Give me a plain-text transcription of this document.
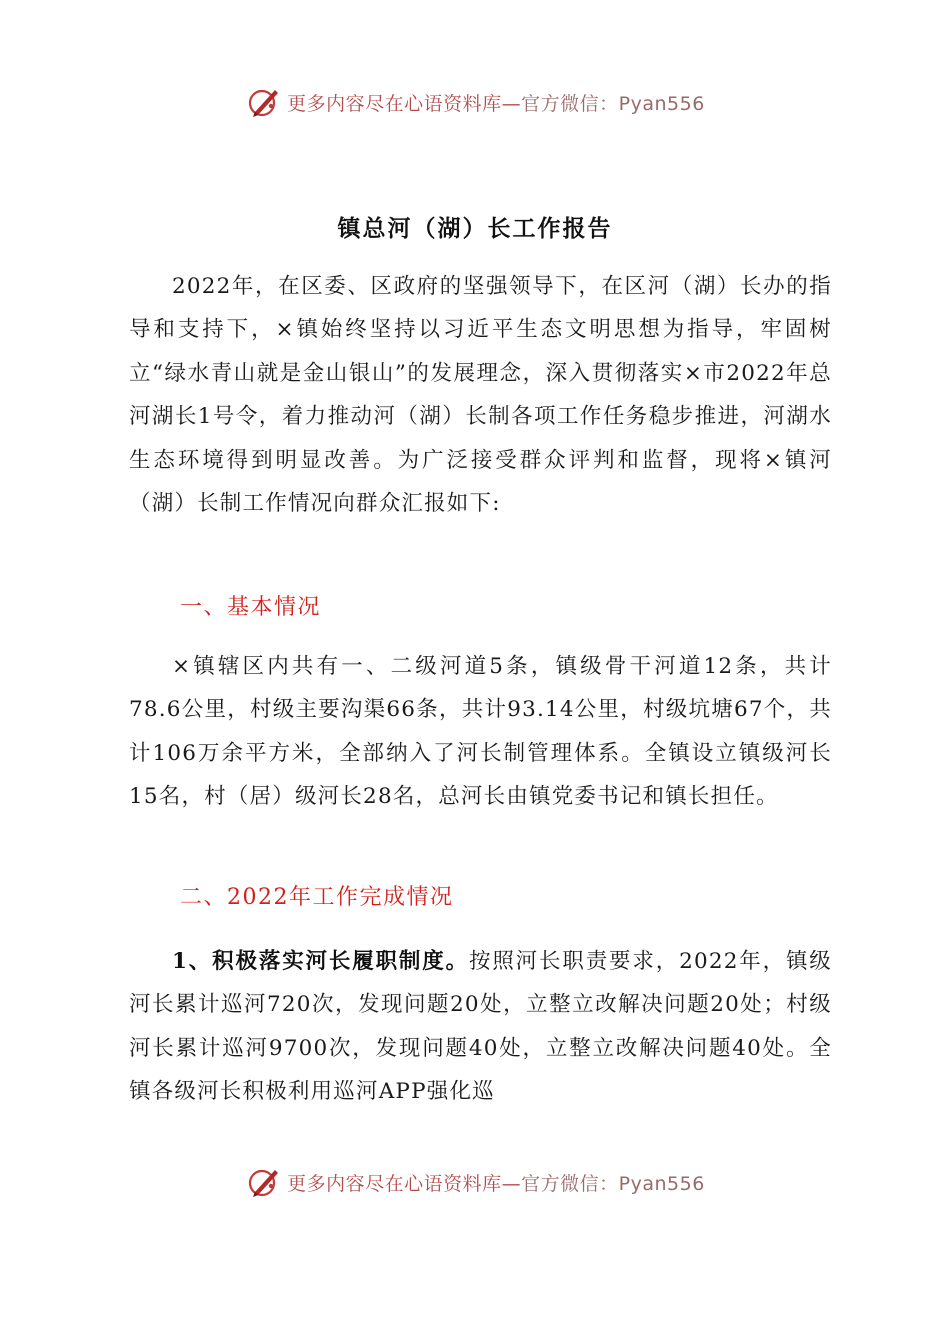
更多内容尽在心语资料库—官方微信：Pyan556
镇总河（湖）长工作报告

2022年，在区委、区政府的坚强领导下，在区河（湖）长办的指导和支持下，×镇始终坚持以习近平生态文明思想为指导，牢固树立“绿水青山就是金山银山”的发展理念，深入贯彻落实×市2022年总河湖长1号令，着力推动河（湖）长制各项工作任务稳步推进，河湖水生态环境得到明显改善。为广泛接受群众评判和监督，现将×镇河（湖）长制工作情况向群众汇报如下:

一、基本情况

×镇辖区内共有一、二级河道5条，镇级骨干河道12条，共计78.6公里，村级主要沟渠66条，共计93.14公里，村级坑塘67个，共计106万余平方米，全部纳入了河长制管理体系。全镇设立镇级河长15名，村（居）级河长28名，总河长由镇党委书记和镇长担任。

二、2022年工作完成情况

1、积极落实河长履职制度。按照河长职责要求，2022年，镇级河长累计巡河720次，发现问题20处，立整立改解决问题20处；村级河长累计巡河9700次，发现问题40处，立整立改解决问题40处。全镇各级河长积极利用巡河APP强化巡

更多内容尽在心语资料库—官方微信：Pyan556
